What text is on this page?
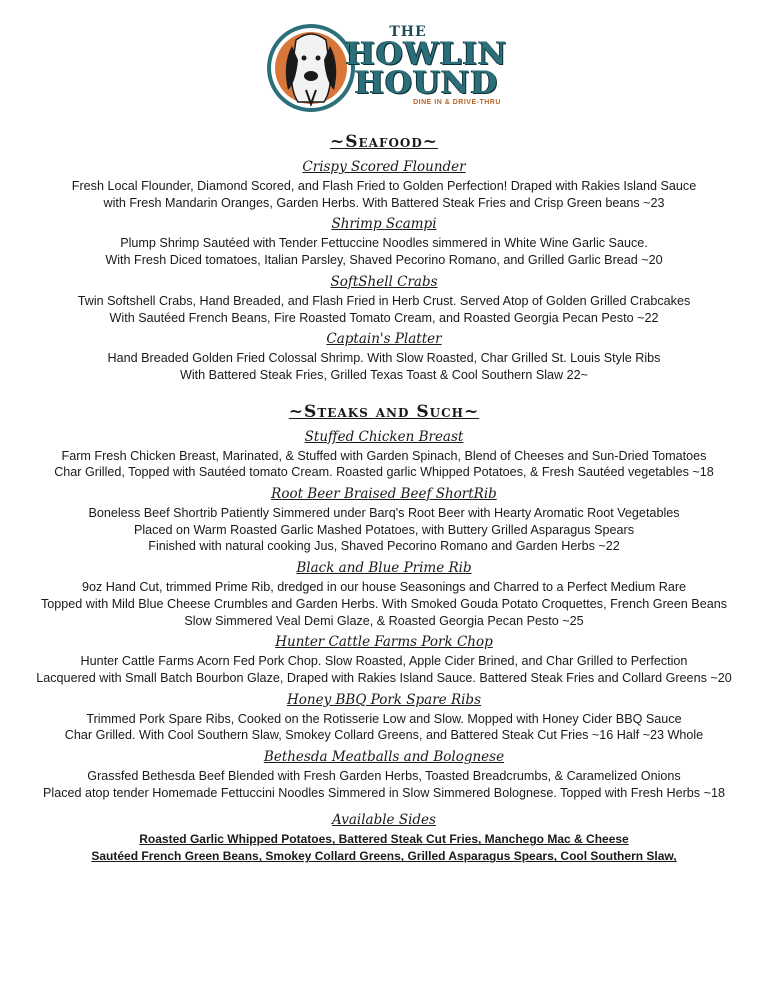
THE
HOWLIN
HOUND
DINE IN & DRIVE-THRU
~Seafood~
Crispy Scored Flounder
Fresh Local Flounder, Diamond Scored, and Flash Fried to Golden Perfection! Draped with Rakies Island Sauce
with Fresh Mandarin Oranges, Garden Herbs. With Battered Steak Fries and Crisp Green beans ~23
Shrimp Scampi
Plump Shrimp Sautéed with Tender Fettuccine Noodles simmered in White Wine Garlic Sauce.
With Fresh Diced tomatoes, Italian Parsley, Shaved Pecorino Romano, and Grilled Garlic Bread ~20
SoftShell Crabs
Twin Softshell Crabs, Hand Breaded, and Flash Fried in Herb Crust. Served Atop of Golden Grilled Crabcakes
With Sautéed French Beans, Fire Roasted Tomato Cream, and Roasted Georgia Pecan Pesto ~22
Captain's Platter
Hand Breaded Golden Fried Colossal Shrimp. With Slow Roasted, Char Grilled St. Louis Style Ribs
With Battered Steak Fries, Grilled Texas Toast & Cool Southern Slaw 22~
~Steaks and Such~
Stuffed Chicken Breast
Farm Fresh Chicken Breast, Marinated, & Stuffed with Garden Spinach, Blend of Cheeses and Sun-Dried Tomatoes
Char Grilled, Topped with Sautéed tomato Cream. Roasted garlic Whipped Potatoes, & Fresh Sautéed vegetables ~18
Root Beer Braised Beef ShortRib
Boneless Beef Shortrib Patiently Simmered under Barq's Root Beer with Hearty Aromatic Root Vegetables
Placed on Warm Roasted Garlic Mashed Potatoes, with Buttery Grilled Asparagus Spears
Finished with natural cooking Jus, Shaved Pecorino Romano and Garden Herbs ~22
Black and Blue Prime Rib
9oz Hand Cut, trimmed Prime Rib, dredged in our house Seasonings and Charred to a Perfect Medium Rare
Topped with Mild Blue Cheese Crumbles and Garden Herbs. With Smoked Gouda Potato Croquettes, French Green Beans
Slow Simmered Veal Demi Glaze, & Roasted Georgia Pecan Pesto ~25
Hunter Cattle Farms Pork Chop
Hunter Cattle Farms Acorn Fed Pork Chop. Slow Roasted, Apple Cider Brined, and Char Grilled to Perfection
Lacquered with Small Batch Bourbon Glaze, Draped with Rakies Island Sauce. Battered Steak Fries and Collard Greens ~20
Honey BBQ Pork Spare Ribs
Trimmed Pork Spare Ribs, Cooked on the Rotisserie Low and Slow. Mopped with Honey Cider BBQ Sauce
Char Grilled. With Cool Southern Slaw, Smokey Collard Greens, and Battered Steak Cut Fries ~16 Half ~23 Whole
Bethesda Meatballs and Bolognese
Grassfed Bethesda Beef Blended with Fresh Garden Herbs, Toasted Breadcrumbs, & Caramelized Onions
Placed atop tender Homemade Fettuccini Noodles Simmered in Slow Simmered Bolognese. Topped with Fresh Herbs ~18
Available Sides
Roasted Garlic Whipped Potatoes, Battered Steak Cut Fries, Manchego Mac & Cheese
Sautéed French Green Beans, Smokey Collard Greens, Grilled Asparagus Spears, Cool Southern Slaw,
